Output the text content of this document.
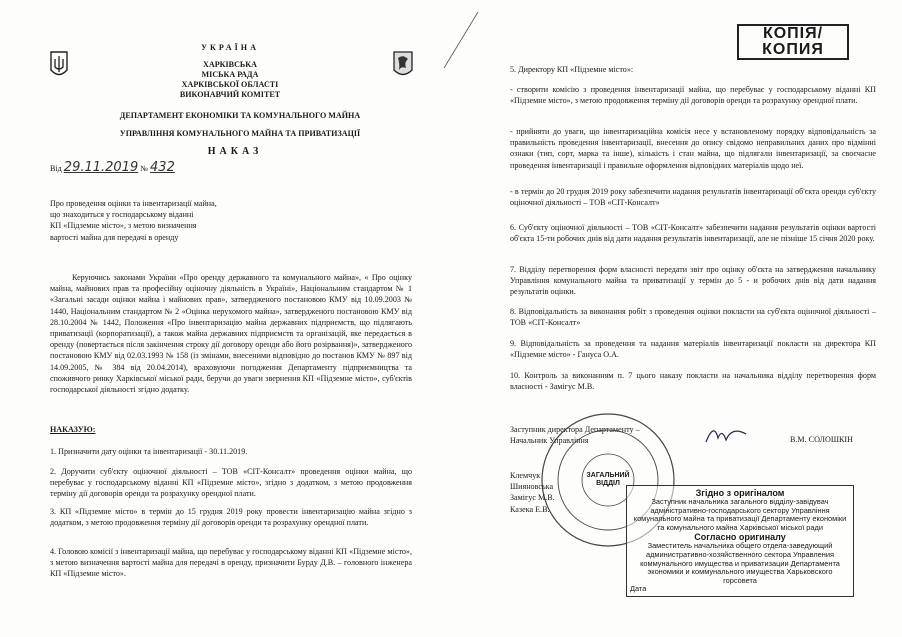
УКРАЇНА
ХАРКІВСЬКА
МІСЬКА РАДА
ХАРКІВСЬКОЇ ОБЛАСТІ
ВИКОНАВЧИЙ КОМІТЕТ
ДЕПАРТАМЕНТ ЕКОНОМІКИ ТА КОМУНАЛЬНОГО МАЙНА
УПРАВЛІННЯ КОМУНАЛЬНОГО МАЙНА ТА ПРИВАТИЗАЦІЇ
НАКАЗ
Від 29.11.2019 № 432
Про проведення оцінки та інвентаризації майна,
що знаходиться у господарському віданні
КП «Підземне місто», з метою визначення
вартості майна для передачі в оренду
Керуючись законами України «Про оренду державного та комунального майна», « Про оцінку майна, майнових прав та професійну оціночну діяльність в Україні», Національним стандартом № 1 «Загальні засади оцінки майна і майнових прав», затвердженого постановою КМУ від 10.09.2003 № 1440, Національним стандартом № 2 «Оцінка нерухомого майна», затвердженого постановою КМУ від 28.10.2004 № 1442, Положення «Про інвентаризацію майна державних підприємств, що підлягають приватизації (корпоратизації), а також майна державних підприємств та організацій, яке передається в оренду (повертається після закінчення строку дії договору оренди або його розірвання)», затвердженого постановою КМУ від 02.03.1993 № 158 (із змінами, внесеними відповідно до постанов КМУ № 897 від 14.09.2005, № 384 від 20.04.2014), враховуючи погодження Департаменту підприємництва та споживчого ринку Харківської міської ради, беручи до уваги звернення КП «Підземне місто», суб'єктів господарської діяльності згідно додатку.
НАКАЗУЮ:
1. Призначити дату оцінки та інвентаризації - 30.11.2019.
2. Доручити суб'єкту оціночної діяльності – ТОВ «СІТ-Консалт» проведення оцінки майна, що перебуває у господарському віданні КП «Підземне місто», згідно з додатком, з метою продовження терміну дії договорів оренди та розрахунку орендної плати.
3. КП «Підземне місто» в термін до 15 грудня 2019 року провести інвентаризацію майна згідно з додатком, з метою продовження терміну дії договорів оренди та розрахунку орендної плати.
4. Головою комісії з інвентаризації майна, що перебуває у господарському віданні КП «Підземне місто», з метою визначення вартості майна для передачі в оренду, призначити Бурду Д.В. – головного інженера КП «Підземне місто».
КОПІЯ/
КОПИЯ
5. Директору КП «Підземне місто»:
- створити комісію з проведення інвентаризації майна, що перебуває у господарському віданні КП «Підземне місто», з метою продовження терміну дії договорів оренди та розрахунку орендної плати.
- прийняти до уваги, що інвентаризаційна комісія несе у встановленому порядку відповідальність за правильність проведення інвентаризації, внесення до опису свідомо неправильних даних про відмінні ознаки (тип, сорт, марка та інше), кількість і стан майна, що підлягали інвентаризації, за своєчасне проведення інвентаризації і правильне оформлення відповідних матеріалів щодо неї.
- в термін до 20 грудня 2019 року забезпечити надання результатів інвентаризації об'єкта оренди суб'єкту оціночної діяльності – ТОВ «СІТ-Консалт»
6. Суб'єкту оціночної діяльності – ТОВ «СІТ-Консалт» забезпечити надання результатів оцінки вартості об'єкта 15-ти робочих днів від дати надання результатів інвентаризації, але не пізніше 15 січня 2020 року.
7. Відділу перетворення форм власності передати звіт про оцінку об'єкта на затвердження начальнику Управління комунального майна та приватизації у термін до 5 - и робочих днів від дати надання результатів оцінки.
8. Відповідальність за виконання робіт з проведення оцінки покласти на суб'єкта оціночної діяльності – ТОВ «СІТ-Консалт»
9. Відповідальність за проведення та надання матеріалів інвентаризації покласти на директора КП «Підземне місто» - Гануса О.А.
10. Контроль за виконанням п. 7 цього наказу покласти на начальника відділу перетворення форм власності - Замігус М.В.
Заступник директора Департаменту –
Начальник Управління	В.М. СОЛОШКІН
ЗАГАЛЬНИЙ ВІДДІЛ
Клемчук
Шияновська
Замігус М.В.
Казека Е.В.
Згідно з оригіналом
Заступник начальника загального відділу-завідувач адміністративно-господарського сектору Управління комунального майна та приватизації Департаменту економіки та комунального майна Харківської міської ради
Согласно оригиналу
Заместитель начальника общего отдела-заведующий административно-хозяйственного сектора Управления коммунального имущества и приватизации Департамента экономики и коммунального имущества Харьковского горсовета
Дата
